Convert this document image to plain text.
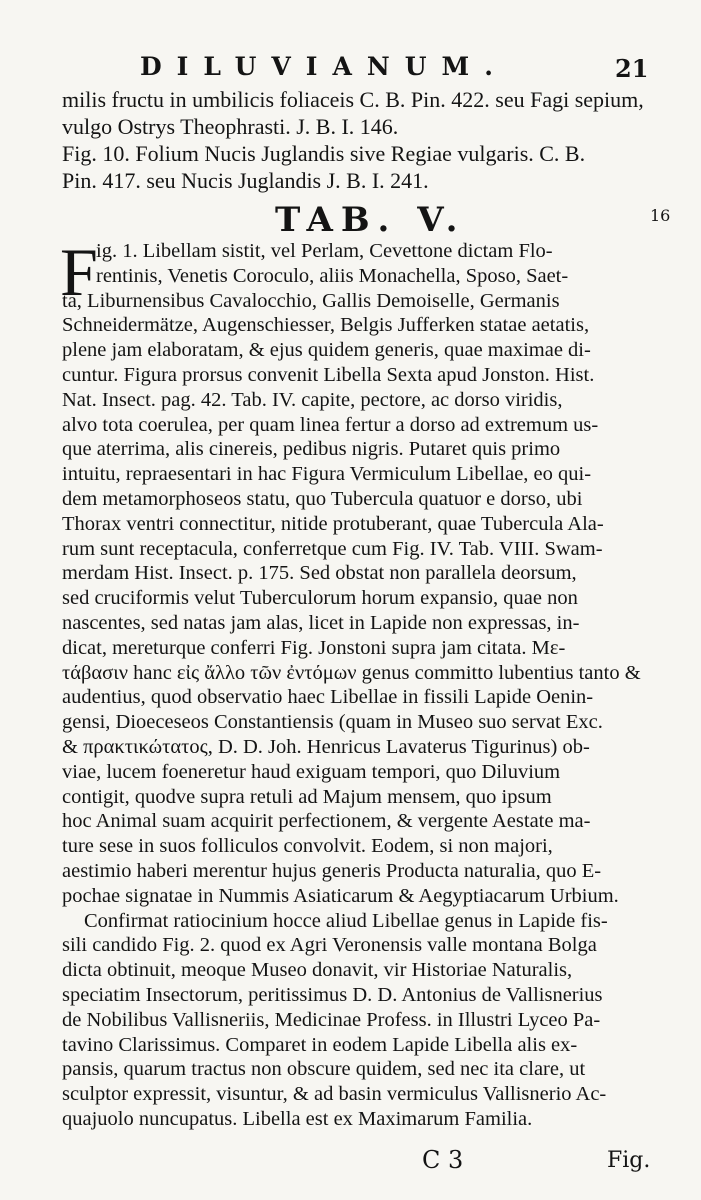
DILUVIANUM.	21
milis fructu in umbilicis foliaceis C. B. Pin. 422. seu Fagi sepium,
vulgo Ostrys Theophrasti. J. B. I. 146.
Fig. 10. Folium Nucis Juglandis sive Regiae vulgaris. C. B.
Pin. 417. seu Nucis Juglandis J. B. I. 241.
TAB. V.	16
F
ig. 1. Libellam sistit, vel Perlam, Cevettone dictam Flo-
rentinis, Venetis Coroculo, aliis Monachella, Sposo, Saet-
ta, Liburnensibus Cavalocchio, Gallis Demoiselle, Germanis
Schneidermätze, Augenschiesser, Belgis Jufferken statae aetatis,
plene jam elaboratam, & ejus quidem generis, quae maximae di-
cuntur. Figura prorsus convenit Libella Sexta apud Jonston. Hist.
Nat. Insect. pag. 42. Tab. IV. capite, pectore, ac dorso viridis,
alvo tota coerulea, per quam linea fertur a dorso ad extremum us-
que aterrima, alis cinereis, pedibus nigris. Putaret quis primo
intuitu, repraesentari in hac Figura Vermiculum Libellae, eo qui-
dem metamorphoseos statu, quo Tubercula quatuor e dorso, ubi
Thorax ventri connectitur, nitide protuberant, quae Tubercula Ala-
rum sunt receptacula, conferretque cum Fig. IV. Tab. VIII. Swam-
merdam Hist. Insect. p. 175. Sed obstat non parallela deorsum,
sed cruciformis velut Tuberculorum horum expansio, quae non
nascentes, sed natas jam alas, licet in Lapide non expressas, in-
dicat, mereturque conferri Fig. Jonstoni supra jam citata. Με-
τάβασιν hanc εἰς ἄλλο τῶν ἐντόμων genus committo lubentius tanto &
audentius, quod observatio haec Libellae in fissili Lapide Oenin-
gensi, Dioeceseos Constantiensis (quam in Museo suo servat Exc.
& πρακτικώτατος, D. D. Joh. Henricus Lavaterus Tigurinus) ob-
viae, lucem foeneretur haud exiguam tempori, quo Diluvium
contigit, quodve supra retuli ad Majum mensem, quo ipsum
hoc Animal suam acquirit perfectionem, & vergente Aestate ma-
ture sese in suos folliculos convolvit. Eodem, si non majori,
aestimio haberi merentur hujus generis Producta naturalia, quo E-
pochae signatae in Nummis Asiaticarum & Aegyptiacarum Urbium.
Confirmat ratiocinium hocce aliud Libellae genus in Lapide fis-
sili candido Fig. 2. quod ex Agri Veronensis valle montana Bolga
dicta obtinuit, meoque Museo donavit, vir Historiae Naturalis,
speciatim Insectorum, peritissimus D. D. Antonius de Vallisnerius
de Nobilibus Vallisneriis, Medicinae Profess. in Illustri Lyceo Pa-
tavino Clarissimus. Comparet in eodem Lapide Libella alis ex-
pansis, quarum tractus non obscure quidem, sed nec ita clare, ut
sculptor expressit, visuntur, & ad basin vermiculus Vallisnerio Ac-
quajuolo nuncupatus. Libella est ex Maximarum Familia.
C 3	Fig.
